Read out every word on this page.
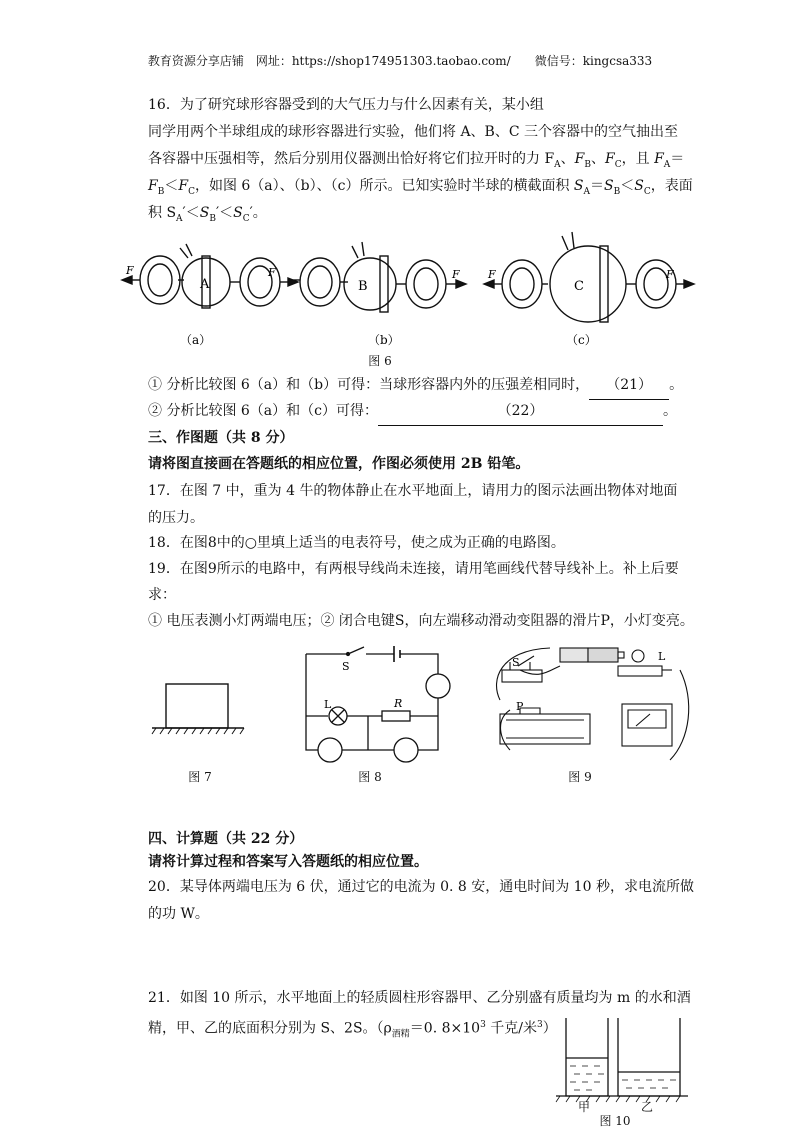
教育资源分享店铺　网址：https://shop174951303.taobao.com/　　微信号：kingcsa333
16．为了研究球形容器受到的大气压力与什么因素有关，某小组
同学用两个半球组成的球形容器进行实验，他们将 A、B、C 三个容器中的空气抽出至
各容器中压强相等，然后分别用仪器测出恰好将它们拉开时的力 $F_A$、$F_B$、$F_C$，且 $F_A=$
$F_B<F_C$，如图 6（a）、（b）、（c）所示。已知实验时半球的横截面积 $S_A=S_B<S_C$，表面
积 $S_A'<S_B'<S_C'$。
F	F
A	B
F	F
C
F
（a）	（b）	（c）
图 6
① 分析比较图 6（a）和（b）可得：当球形容器内外的压强差相同时， （21） 。
② 分析比较图 6（a）和（c）可得：	（22）	。
三、作图题（共 8 分）
请将图直接画在答题纸的相应位置，作图必须使用 2B 铅笔。
17．在图 7 中，重为 4 牛的物体静止在水平地面上，请用力的图示法画出物体对地面
的压力。
18．在图8中的○里填上适当的电表符号，使之成为正确的电路图。
19．在图9所示的电路中，有两根导线尚未连接，请用笔画线代替导线补上。补上后要
求：
① 电压表测小灯两端电压；② 闭合电键S，向左端移动滑动变阻器的滑片P，小灯变亮。
图 7
S
L	R
图 8
S	L
P
图 9
四、计算题（共 22 分）
请将计算过程和答案写入答题纸的相应位置。
20．某导体两端电压为 6 伏，通过它的电流为 0. 8 安，通电时间为 10 秒，求电流所做
的功 W。
21．如图 10 所示，水平地面上的轻质圆柱形容器甲、乙分别盛有质量均为 m 的水和酒
精，甲、乙的底面积分别为 S、2S。（$\rho_{酒精}=0$. $8\times 10^3$ 千克/米$^3$）
甲	乙
图 10
